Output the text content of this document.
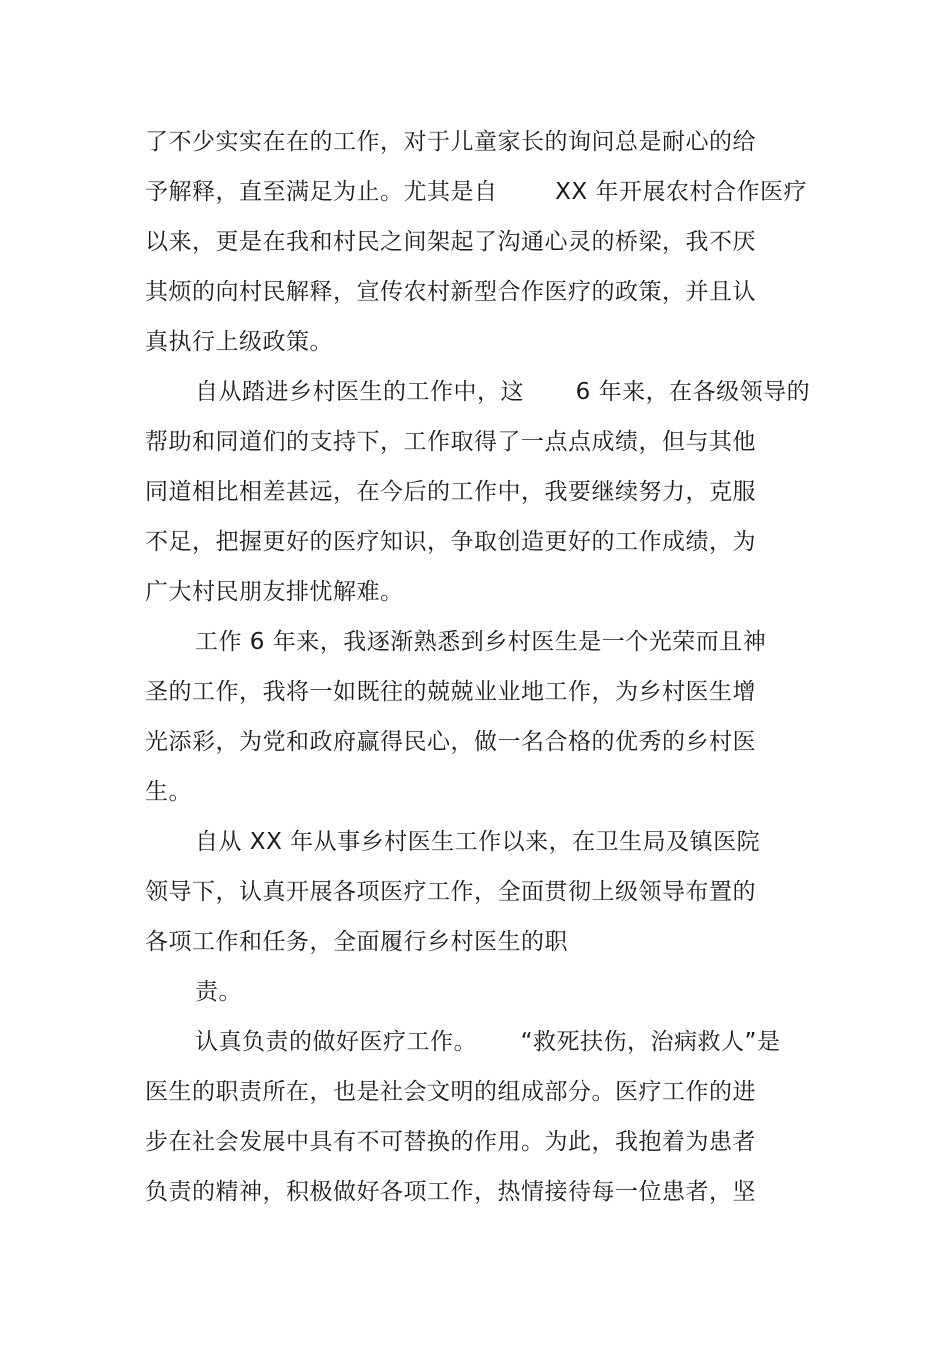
了不少实实在在的工作，对于儿童家长的询问总是耐心的给
予解释，直至满足为止。尤其是自	XX 年开展农村合作医疗
以来，更是在我和村民之间架起了沟通心灵的桥梁，我不厌
其烦的向村民解释，宣传农村新型合作医疗的政策，并且认
真执行上级政策。
自从踏进乡村医生的工作中，这 6 年来，在各级领导的
帮助和同道们的支持下，工作取得了一点点成绩，但与其他
同道相比相差甚远，在今后的工作中，我要继续努力，克服
不足，把握更好的医疗知识，争取创造更好的工作成绩，为
广大村民朋友排忧解难。
工作 6 年来，我逐渐熟悉到乡村医生是一个光荣而且神
圣的工作，我将一如既往的兢兢业业地工作，为乡村医生增
光添彩，为党和政府赢得民心，做一名合格的优秀的乡村医
生。
自从 XX 年从事乡村医生工作以来，在卫生局及镇医院
领导下，认真开展各项医疗工作，全面贯彻上级领导布置的
各项工作和任务，全面履行乡村医生的职
责。
认真负责的做好医疗工作。 “救死扶伤，治病救人”是
医生的职责所在，也是社会文明的组成部分。医疗工作的进
步在社会发展中具有不可替换的作用。为此，我抱着为患者
负责的精神，积极做好各项工作，热情接待每一位患者，坚
